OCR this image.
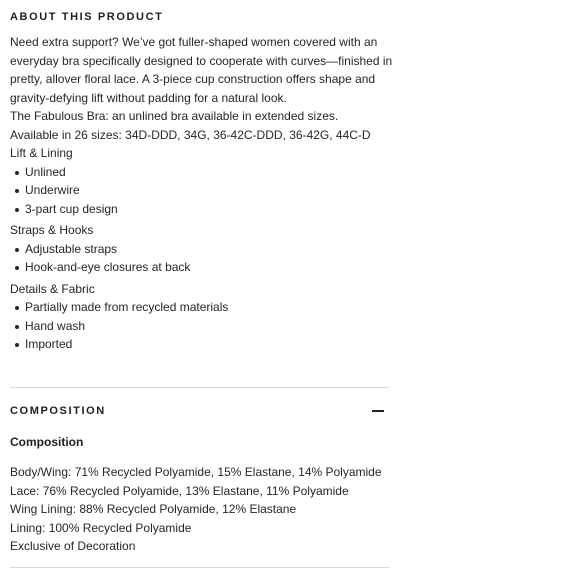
ABOUT THIS PRODUCT

Need extra support? We’ve got fuller-shaped women covered with an everyday bra specifically designed to cooperate with curves—finished in pretty, allover floral lace. A 3-piece cup construction offers shape and gravity-defying lift without padding for a natural look.

The Fabulous Bra: an unlined bra available in extended sizes.

Available in 26 sizes: 34D-DDD, 34G, 36-42C-DDD, 36-42G, 44C-D

Lift & Lining

Unlined
Underwire
3-part cup design

Straps & Hooks

Adjustable straps
Hook-and-eye closures at back

Details & Fabric

Partially made from recycled materials
Hand wash
Imported
COMPOSITION
Composition

Body/Wing: 71% Recycled Polyamide, 15% Elastane, 14% Polyamide

Lace: 76% Recycled Polyamide, 13% Elastane, 11% Polyamide

Wing Lining: 88% Recycled Polyamide, 12% Elastane

Lining: 100% Recycled Polyamide

Exclusive of Decoration
